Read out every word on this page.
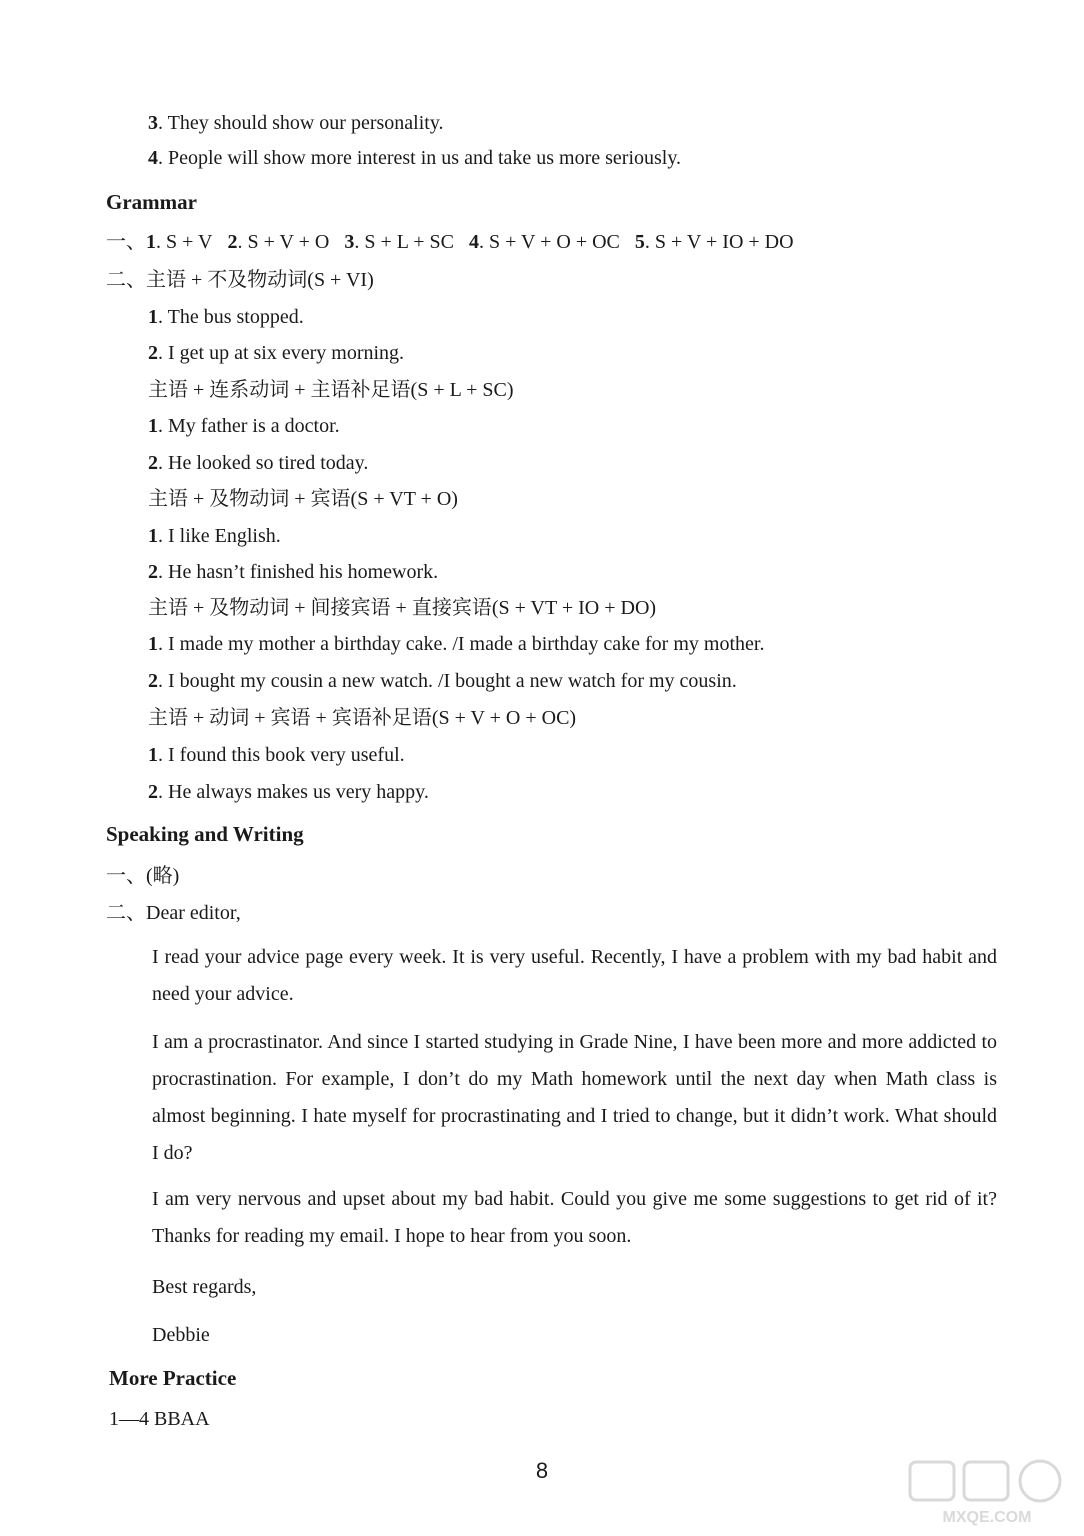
3. They should show our personality.
4. People will show more interest in us and take us more seriously.
Grammar
一、1. S + V 2. S + V + O 3. S + L + SC 4. S + V + O + OC 5. S + V + IO + DO
二、主语 + 不及物动词(S + VI)
1. The bus stopped.
2. I get up at six every morning.
主语 + 连系动词 + 主语补足语(S + L + SC)
1. My father is a doctor.
2. He looked so tired today.
主语 + 及物动词 + 宾语(S + VT + O)
1. I like English.
2. He hasn’t finished his homework.
主语 + 及物动词 + 间接宾语 + 直接宾语(S + VT + IO + DO)
1. I made my mother a birthday cake. /I made a birthday cake for my mother.
2. I bought my cousin a new watch. /I bought a new watch for my cousin.
主语 + 动词 + 宾语 + 宾语补足语(S + V + O + OC)
1. I found this book very useful.
2. He always makes us very happy.
Speaking and Writing
一、(略)
二、Dear editor,
I read your advice page every week. It is very useful. Recently, I have a problem with my bad habit and need your advice.
I am a procrastinator. And since I started studying in Grade Nine, I have been more and more addicted to procrastination. For example, I don’t do my Math homework until the next day when Math class is almost beginning. I hate myself for procrastinating and I tried to change, but it didn’t work. What should I do?
I am very nervous and upset about my bad habit. Could you give me some suggestions to get rid of it? Thanks for reading my email. I hope to hear from you soon.
Best regards,
Debbie
More Practice
1—4 BBAA
8
MXQE.COM
